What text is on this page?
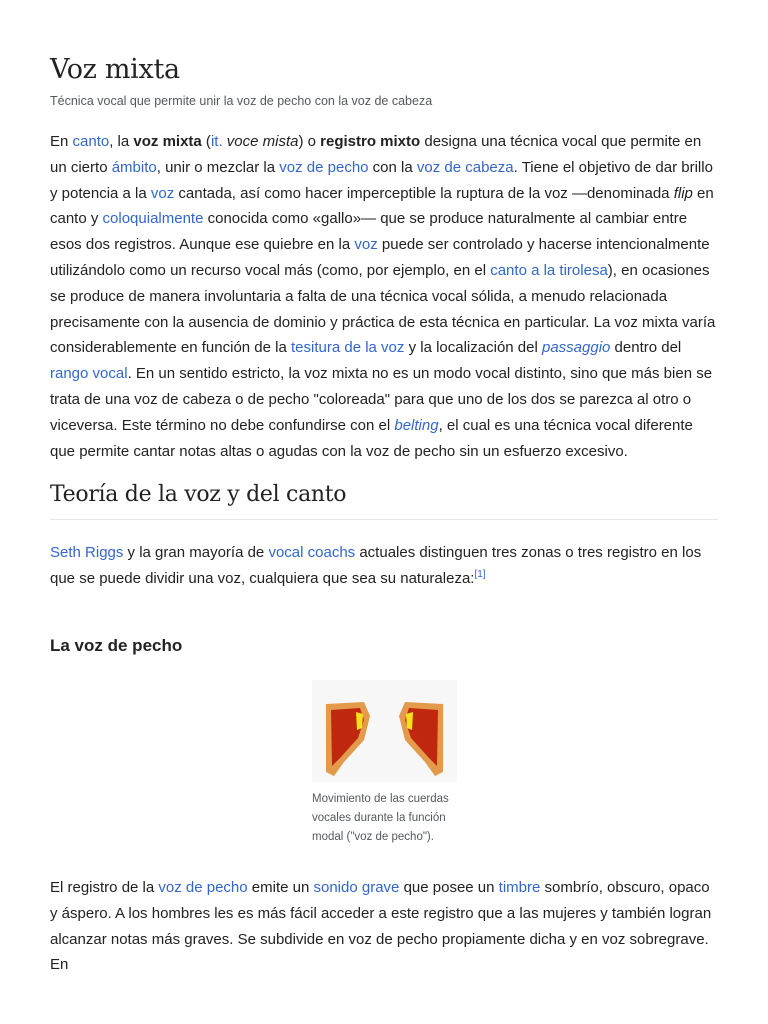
Voz mixta
Técnica vocal que permite unir la voz de pecho con la voz de cabeza

En canto, la voz mixta (it. voce mista) o registro mixto designa una técnica vocal que permite en un cierto ámbito, unir o mezclar la voz de pecho con la voz de cabeza. Tiene el objetivo de dar brillo y potencia a la voz cantada, así como hacer imperceptible la ruptura de la voz —denominada flip en canto y coloquialmente conocida como «gallo»— que se produce naturalmente al cambiar entre esos dos registros. Aunque ese quiebre en la voz puede ser controlado y hacerse intencionalmente utilizándolo como un recurso vocal más (como, por ejemplo, en el canto a la tirolesa), en ocasiones se produce de manera involuntaria a falta de una técnica vocal sólida, a menudo relacionada precisamente con la ausencia de dominio y práctica de esta técnica en particular. La voz mixta varía considerablemente en función de la tesitura de la voz y la localización del passaggio dentro del rango vocal. En un sentido estricto, la voz mixta no es un modo vocal distinto, sino que más bien se trata de una voz de cabeza o de pecho "coloreada" para que uno de los dos se parezca al otro o viceversa. Este término no debe confundirse con el belting, el cual es una técnica vocal diferente que permite cantar notas altas o agudas con la voz de pecho sin un esfuerzo excesivo.

Teoría de la voz y del canto

Seth Riggs y la gran mayoría de vocal coachs actuales distinguen tres zonas o tres registro en los que se puede dividir una voz, cualquiera que sea su naturaleza:[1]

La voz de pecho
Movimiento de las cuerdas vocales durante la función modal ("voz de pecho").

El registro de la voz de pecho emite un sonido grave que posee un timbre sombrío, obscuro, opaco y áspero. A los hombres les es más fácil acceder a este registro que a las mujeres y también logran alcanzar notas más graves. Se subdivide en voz de pecho propiamente dicha y en voz sobregrave. En
